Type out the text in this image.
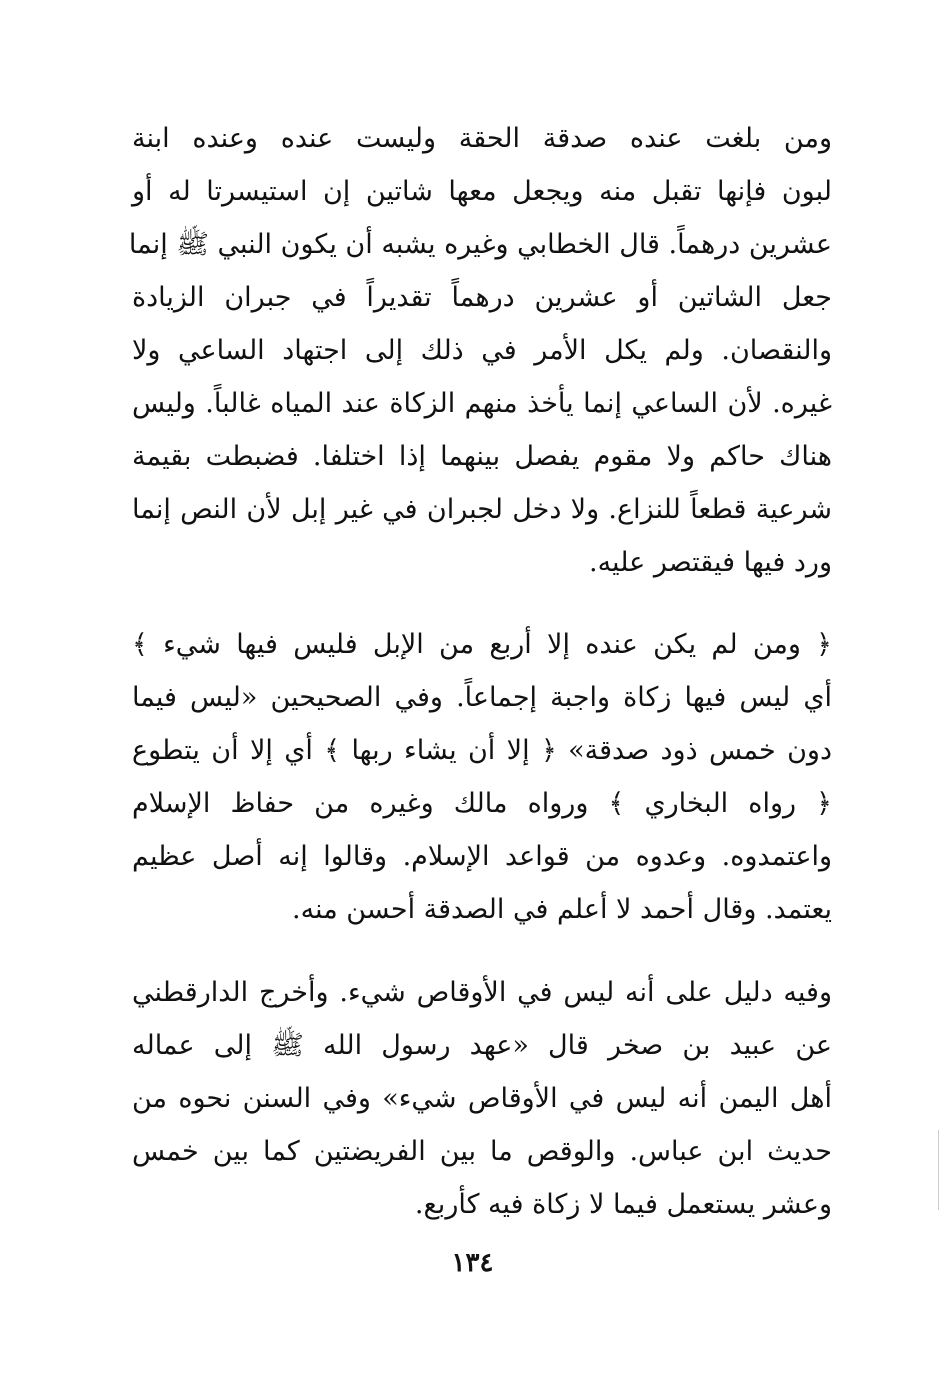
ومن بلغت عنده صدقة الحقة وليست عنده وعنده ابنة
لبون فإنها تقبل منه ويجعل معها شاتين إن استيسرتا له أو
عشرين درهماً. قال الخطابي وغيره يشبه أن يكون النبي ﷺ إنما
جعل الشاتين أو عشرين درهماً تقديراً في جبران الزيادة
والنقصان. ولم يكل الأمر في ذلك إلى اجتهاد الساعي ولا
غيره. لأن الساعي إنما يأخذ منهم الزكاة عند المياه غالباً. وليس
هناك حاكم ولا مقوم يفصل بينهما إذا اختلفا. فضبطت بقيمة
شرعية قطعاً للنزاع. ولا دخل لجبران في غير إبل لأن النص إنما
ورد فيها فيقتصر عليه.
﴿ ومن لم يكن عنده إلا أربع من الإبل فليس فيها شيء ﴾
أي ليس فيها زكاة واجبة إجماعاً. وفي الصحيحين «ليس فيما
دون خمس ذود صدقة» ﴿ إلا أن يشاء ربها ﴾ أي إلا أن يتطوع
﴿ رواه البخاري ﴾ ورواه مالك وغيره من حفاظ الإسلام
واعتمدوه. وعدوه من قواعد الإسلام. وقالوا إنه أصل عظيم
يعتمد. وقال أحمد لا أعلم في الصدقة أحسن منه.
وفيه دليل على أنه ليس في الأوقاص شيء. وأخرج الدارقطني
عن عبيد بن صخر قال «عهد رسول الله ﷺ إلى عماله
أهل اليمن أنه ليس في الأوقاص شيء» وفي السنن نحوه من
حديث ابن عباس. والوقص ما بين الفريضتين كما بين خمس
وعشر يستعمل فيما لا زكاة فيه كأربع.
١٣٤
